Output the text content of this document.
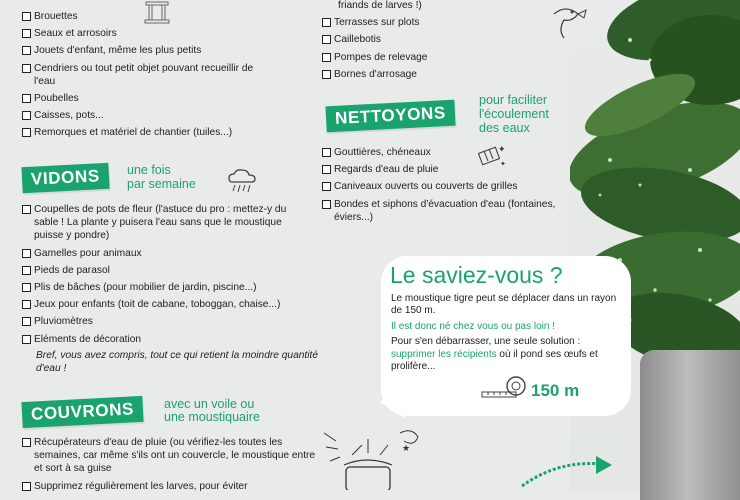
Brouettes
Seaux et arrosoirs
Jouets d'enfant, même les plus petits
Cendriers ou tout petit objet pouvant recueillir de l'eau
Poubelles
Caisses, pots...
Remorques et matériel de chantier (tuiles...)
VIDONS	une fois
par semaine
Coupelles de pots de fleur (l'astuce du pro : mettez-y du sable ! La plante y puisera l'eau sans que le moustique puisse y pondre)
Gamelles pour animaux
Pieds de parasol
Plis de bâches (pour mobilier de jardin, piscine...)
Jeux pour enfants (toit de cabane, toboggan, chaise...)
Pluviomètres
Eléments de décoration
Bref, vous avez compris, tout ce qui retient la moindre quantité d'eau !
COUVRONS	avec un voile ou
une moustiquaire
Récupérateurs d'eau de pluie (ou vérifiez-les toutes les semaines, car même s'ils ont un couvercle, le moustique entre et sort à sa guise
Supprimez régulièrement les larves, pour éviter
★
friands de larves !)
Terrasses sur plots
Caillebotis
Pompes de relevage
Bornes d'arrosage
NETTOYONS
pour faciliter
l'écoulement
des eaux
✦
✦
Gouttières, chéneaux
Regards d'eau de pluie
Caniveaux ouverts ou couverts de grilles
Bondes et siphons d'évacuation d'eau (fontaines, éviers...)
Le saviez-vous ?
Le moustique tigre peut se déplacer dans un rayon de 150 m.
Il est donc né chez vous ou pas loin !
Pour s'en débarrasser, une seule solution : supprimer les récipients où il pond ses œufs et prolifère...
150 m
